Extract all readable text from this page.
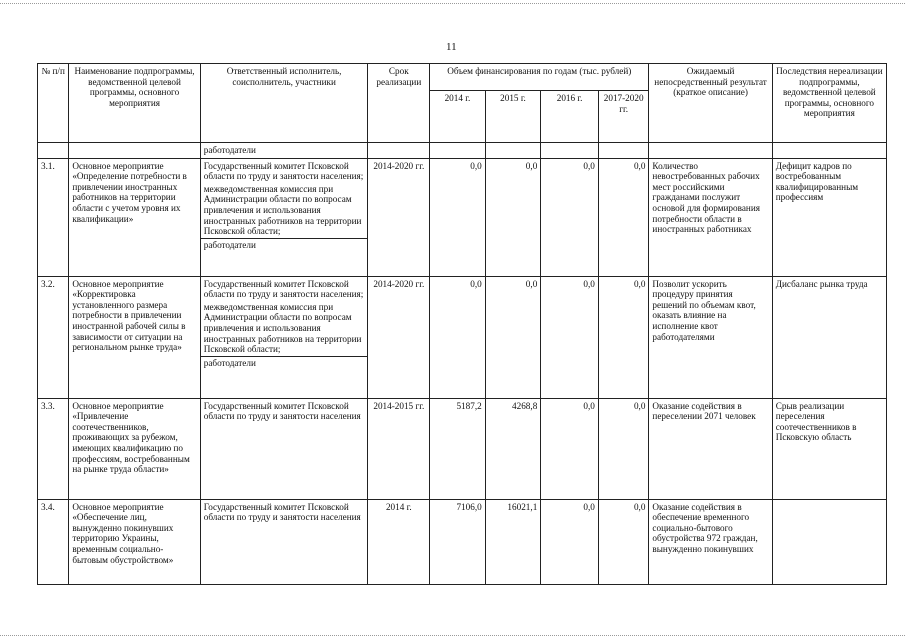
11
№ п/п	Наименование подпрограммы, ведомственной целевой программы, основного мероприятия	Ответственный исполнитель, соисполнитель, участники	Срок реализации	Объем финансирования по годам (тыс. рублей)				Ожидаемый непосредственный результат (краткое описание)	Последствия нереализации подпрограммы, ведомственной целевой программы, основного мероприятия
				2014 г.	2015 г.	2016 г.	2017-2020 гг.		
		работодатели							
3.1.	Основное мероприятие «Определение потребности в привлечении иностранных работников на территории области с учетом уровня их квалификации»	Государственный комитет Псковской области по труду и занятости населения;
межведомственная комиссия при Администрации области по вопросам привлечения и использования иностранных работников на территории Псковской области;
работодатели	2014-2020 гг.	0,0	0,0	0,0	0,0	Количество невостребованных рабочих мест российскими гражданами послужит основой для формирования потребности области в иностранных работниках	Дефицит кадров по востребованным квалифицированным профессиям
3.2.	Основное мероприятие «Корректировка установленного размера потребности в привлечении иностранной рабочей силы в зависимости от ситуации на региональном рынке труда»	Государственный комитет Псковской области по труду и занятости населения;
межведомственная комиссия при Администрации области по вопросам привлечения и использования иностранных работников на территории Псковской области;
работодатели	2014-2020 гг.	0,0	0,0	0,0	0,0	Позволит ускорить процедуру принятия решений по объемам квот, оказать влияние на исполнение квот работодателями	Дисбаланс рынка труда
3.3.	Основное мероприятие «Привлечение соотечественников, проживающих за рубежом, имеющих квалификацию по профессиям, востребованным на рынке труда области»	Государственный комитет Псковской области по труду и занятости населения	2014-2015 гг.	5187,2	4268,8	0,0	0,0	Оказание содействия в переселении 2071 человек	Срыв реализации переселения соотечественников в Псковскую область
3.4.	Основное мероприятие «Обеспечение лиц, вынужденно покинувших территорию Украины, временным социально-бытовым обустройством»	Государственный комитет Псковской области по труду и занятости населения	2014 г.	7106,0	16021,1	0,0	0,0	Оказание содействия в обеспечение временного социально-бытового обустройства 972 граждан, вынужденно покинувших	
